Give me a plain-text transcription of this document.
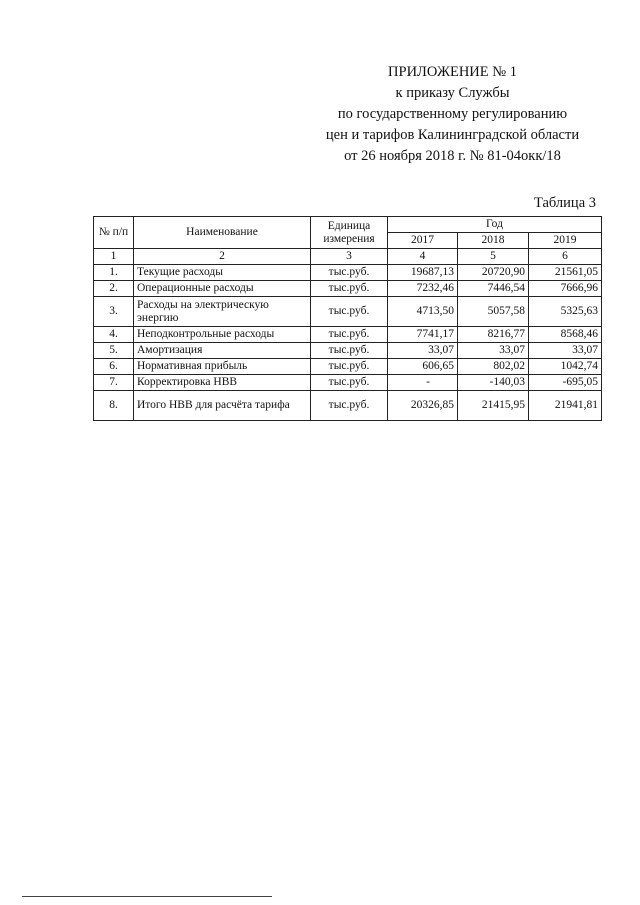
ПРИЛОЖЕНИЕ № 1
к приказу Службы
по государственному регулированию
цен и тарифов Калининградской области
от 26 ноября 2018 г. № 81-04окк/18
Таблица 3
№ п/п	Наименование	Единица измерения	Год		
			2017	2018	2019
1	2	3	4	5	6
1.	Текущие расходы	тыс.руб.	19687,13	20720,90	21561,05
2.	Операционные расходы	тыс.руб.	7232,46	7446,54	7666,96
3.	Расходы на электрическую энергию	тыс.руб.	4713,50	5057,58	5325,63
4.	Неподконтрольные расходы	тыс.руб.	7741,17	8216,77	8568,46
5.	Амортизация	тыс.руб.	33,07	33,07	33,07
6.	Нормативная прибыль	тыс.руб.	606,65	802,02	1042,74
7.	Корректировка НВВ	тыс.руб.	-	-140,03	-695,05
8.	Итого НВВ для расчёта тарифа	тыс.руб.	20326,85	21415,95	21941,81
